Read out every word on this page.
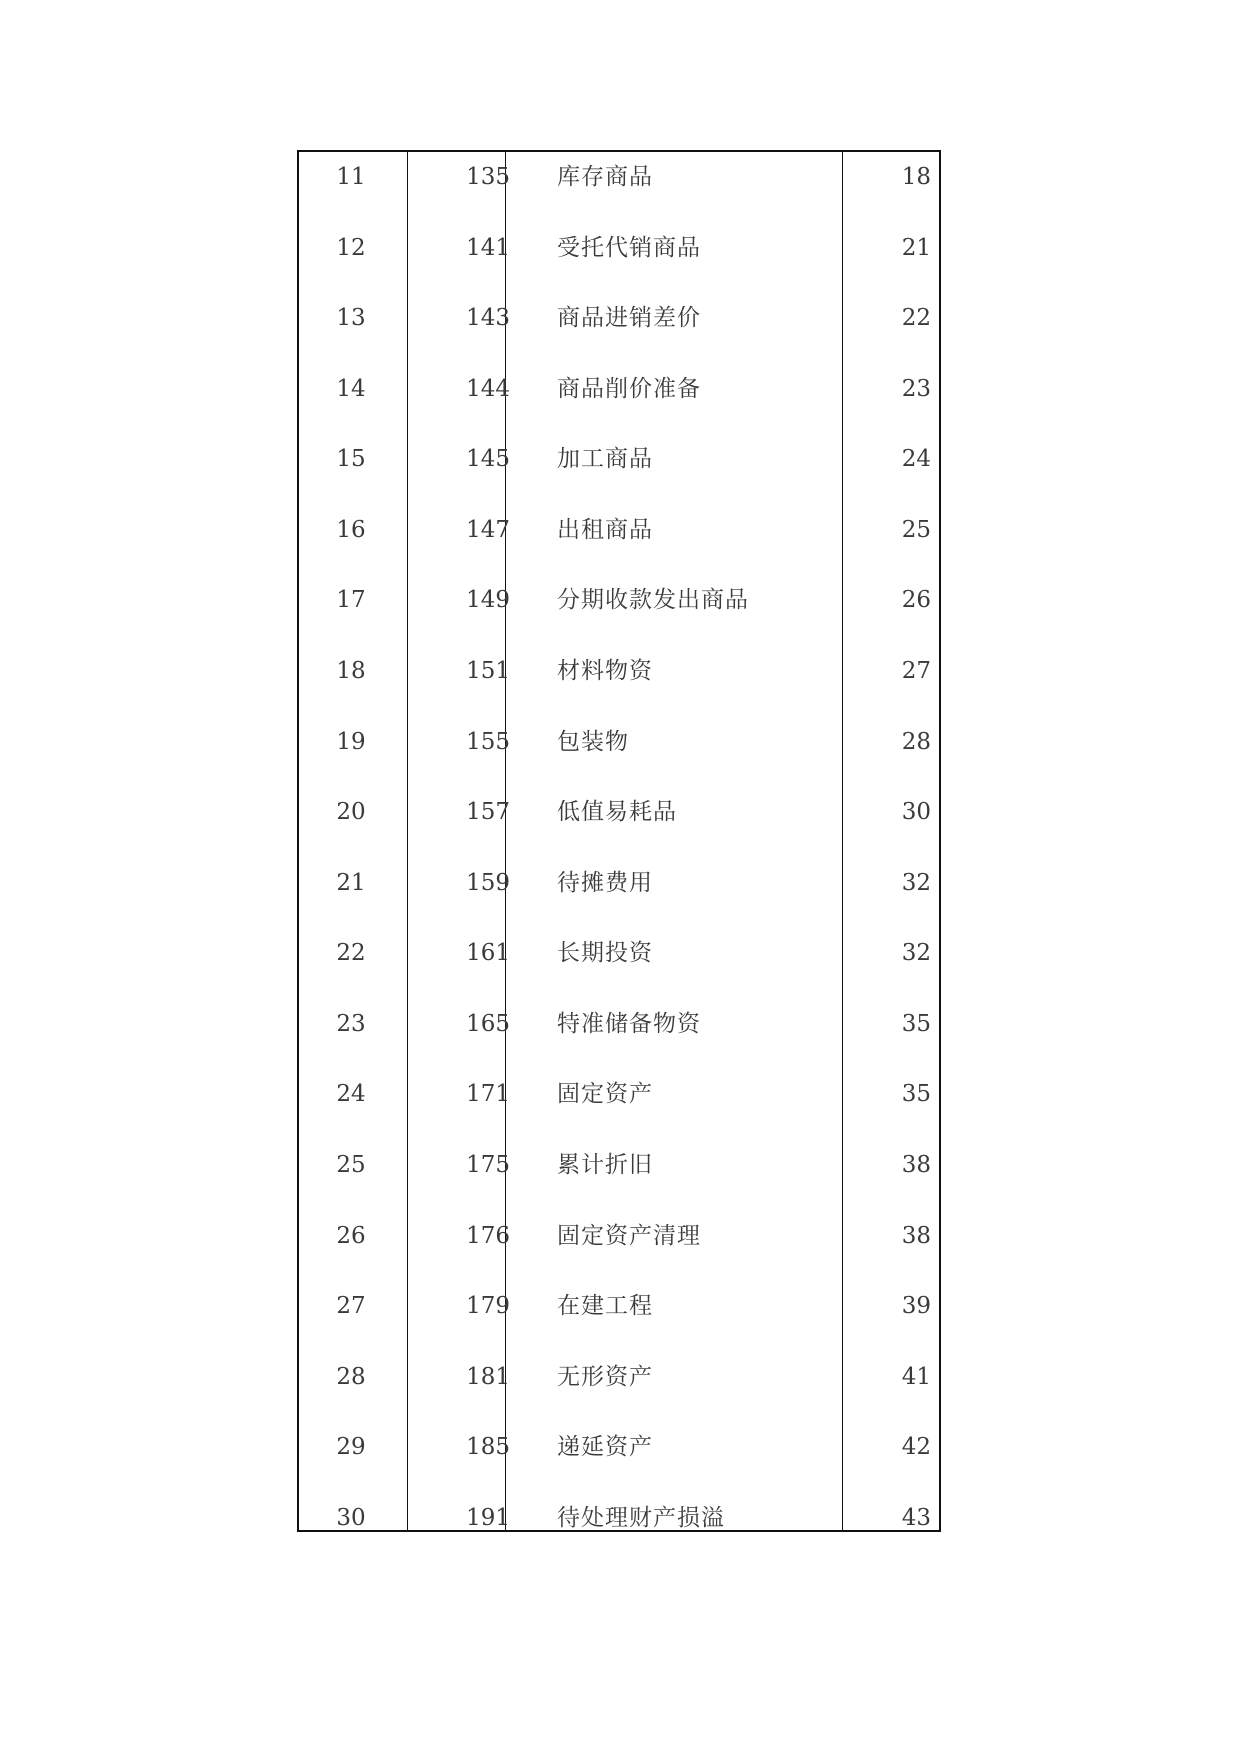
11	135 库存商品	18
12	141 受托代销商品	21
13	143 商品进销差价	22
14	144 商品削价准备	23
15	145 加工商品	24
16	147 出租商品	25
17	149 分期收款发出商品	26
18	151 材料物资	27
19	155 包装物	28
20	157 低值易耗品	30
21	159 待摊费用	32
22	161 长期投资	32
23	165 特准储备物资	35
24	171 固定资产	35
25	175 累计折旧	38
26	176 固定资产清理	38
27	179 在建工程	39
28	181 无形资产	41
29	185 递延资产	42
30	191 待处理财产损溢	43
